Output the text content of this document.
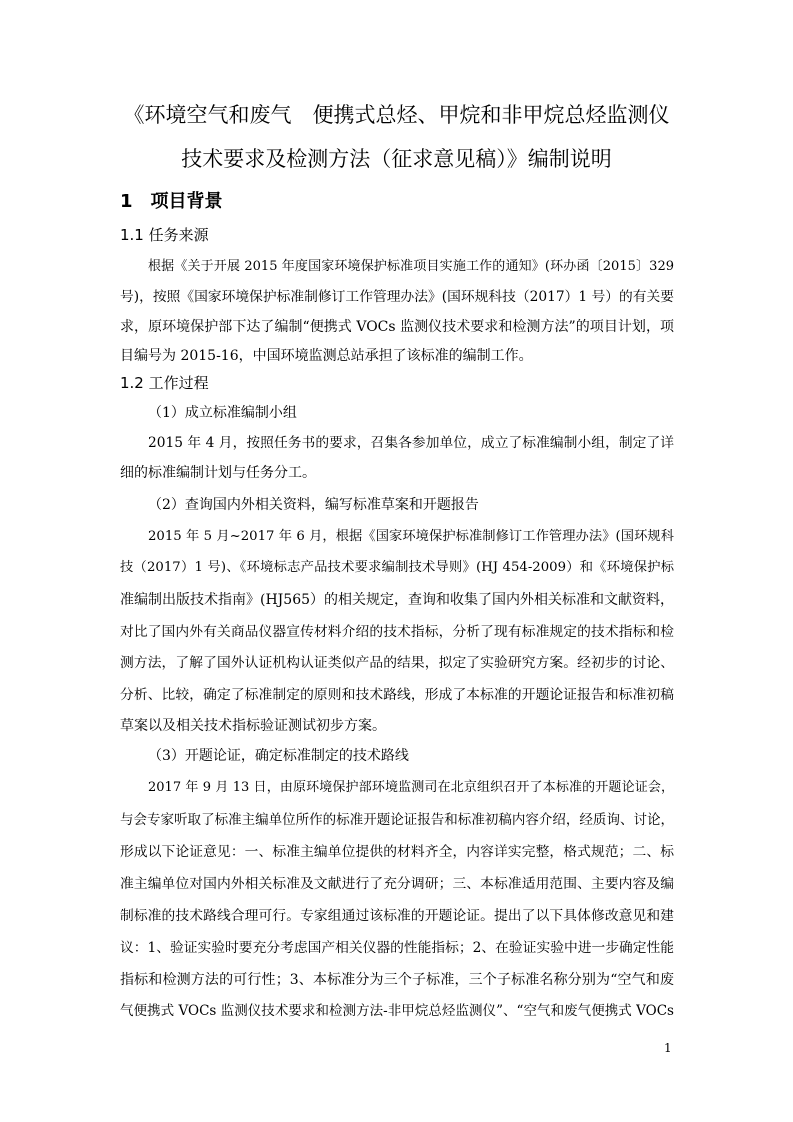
《环境空气和废气　便携式总烃、甲烷和非甲烷总烃监测仪
技术要求及检测方法（征求意见稿）》编制说明
1　项目背景
1.1 任务来源
根据《关于开展 2015 年度国家环境保护标准项目实施工作的通知》(环办函〔2015〕329
号)，按照《国家环境保护标准制修订工作管理办法》(国环规科技（2017）1 号）的有关要
求，原环境保护部下达了编制“便携式 VOCs 监测仪技术要求和检测方法”的项目计划，项
目编号为 2015-16，中国环境监测总站承担了该标准的编制工作。
1.2 工作过程
（1）成立标准编制小组
2015 年 4 月，按照任务书的要求，召集各参加单位，成立了标准编制小组，制定了详
细的标准编制计划与任务分工。
（2）查询国内外相关资料，编写标准草案和开题报告
2015 年 5 月~2017 年 6 月，根据《国家环境保护标准制修订工作管理办法》(国环规科
技（2017）1 号)、《环境标志产品技术要求编制技术导则》(HJ 454-2009）和《环境保护标
准编制出版技术指南》(HJ565）的相关规定，查询和收集了国内外相关标准和文献资料，
对比了国内外有关商品仪器宣传材料介绍的技术指标，分析了现有标准规定的技术指标和检
测方法，了解了国外认证机构认证类似产品的结果，拟定了实验研究方案。经初步的讨论、
分析、比较，确定了标准制定的原则和技术路线，形成了本标准的开题论证报告和标准初稿
草案以及相关技术指标验证测试初步方案。
（3）开题论证，确定标准制定的技术路线
2017 年 9 月 13 日，由原环境保护部环境监测司在北京组织召开了本标准的开题论证会，
与会专家听取了标准主编单位所作的标准开题论证报告和标准初稿内容介绍，经质询、讨论，
形成以下论证意见：一、标准主编单位提供的材料齐全，内容详实完整，格式规范；二、标
准主编单位对国内外相关标准及文献进行了充分调研；三、本标准适用范围、主要内容及编
制标准的技术路线合理可行。专家组通过该标准的开题论证。提出了以下具体修改意见和建
议：1、验证实验时要充分考虑国产相关仪器的性能指标；2、在验证实验中进一步确定性能
指标和检测方法的可行性；3、本标准分为三个子标准，三个子标准名称分别为“空气和废
气便携式 VOCs 监测仪技术要求和检测方法-非甲烷总烃监测仪”、“空气和废气便携式 VOCs
1
